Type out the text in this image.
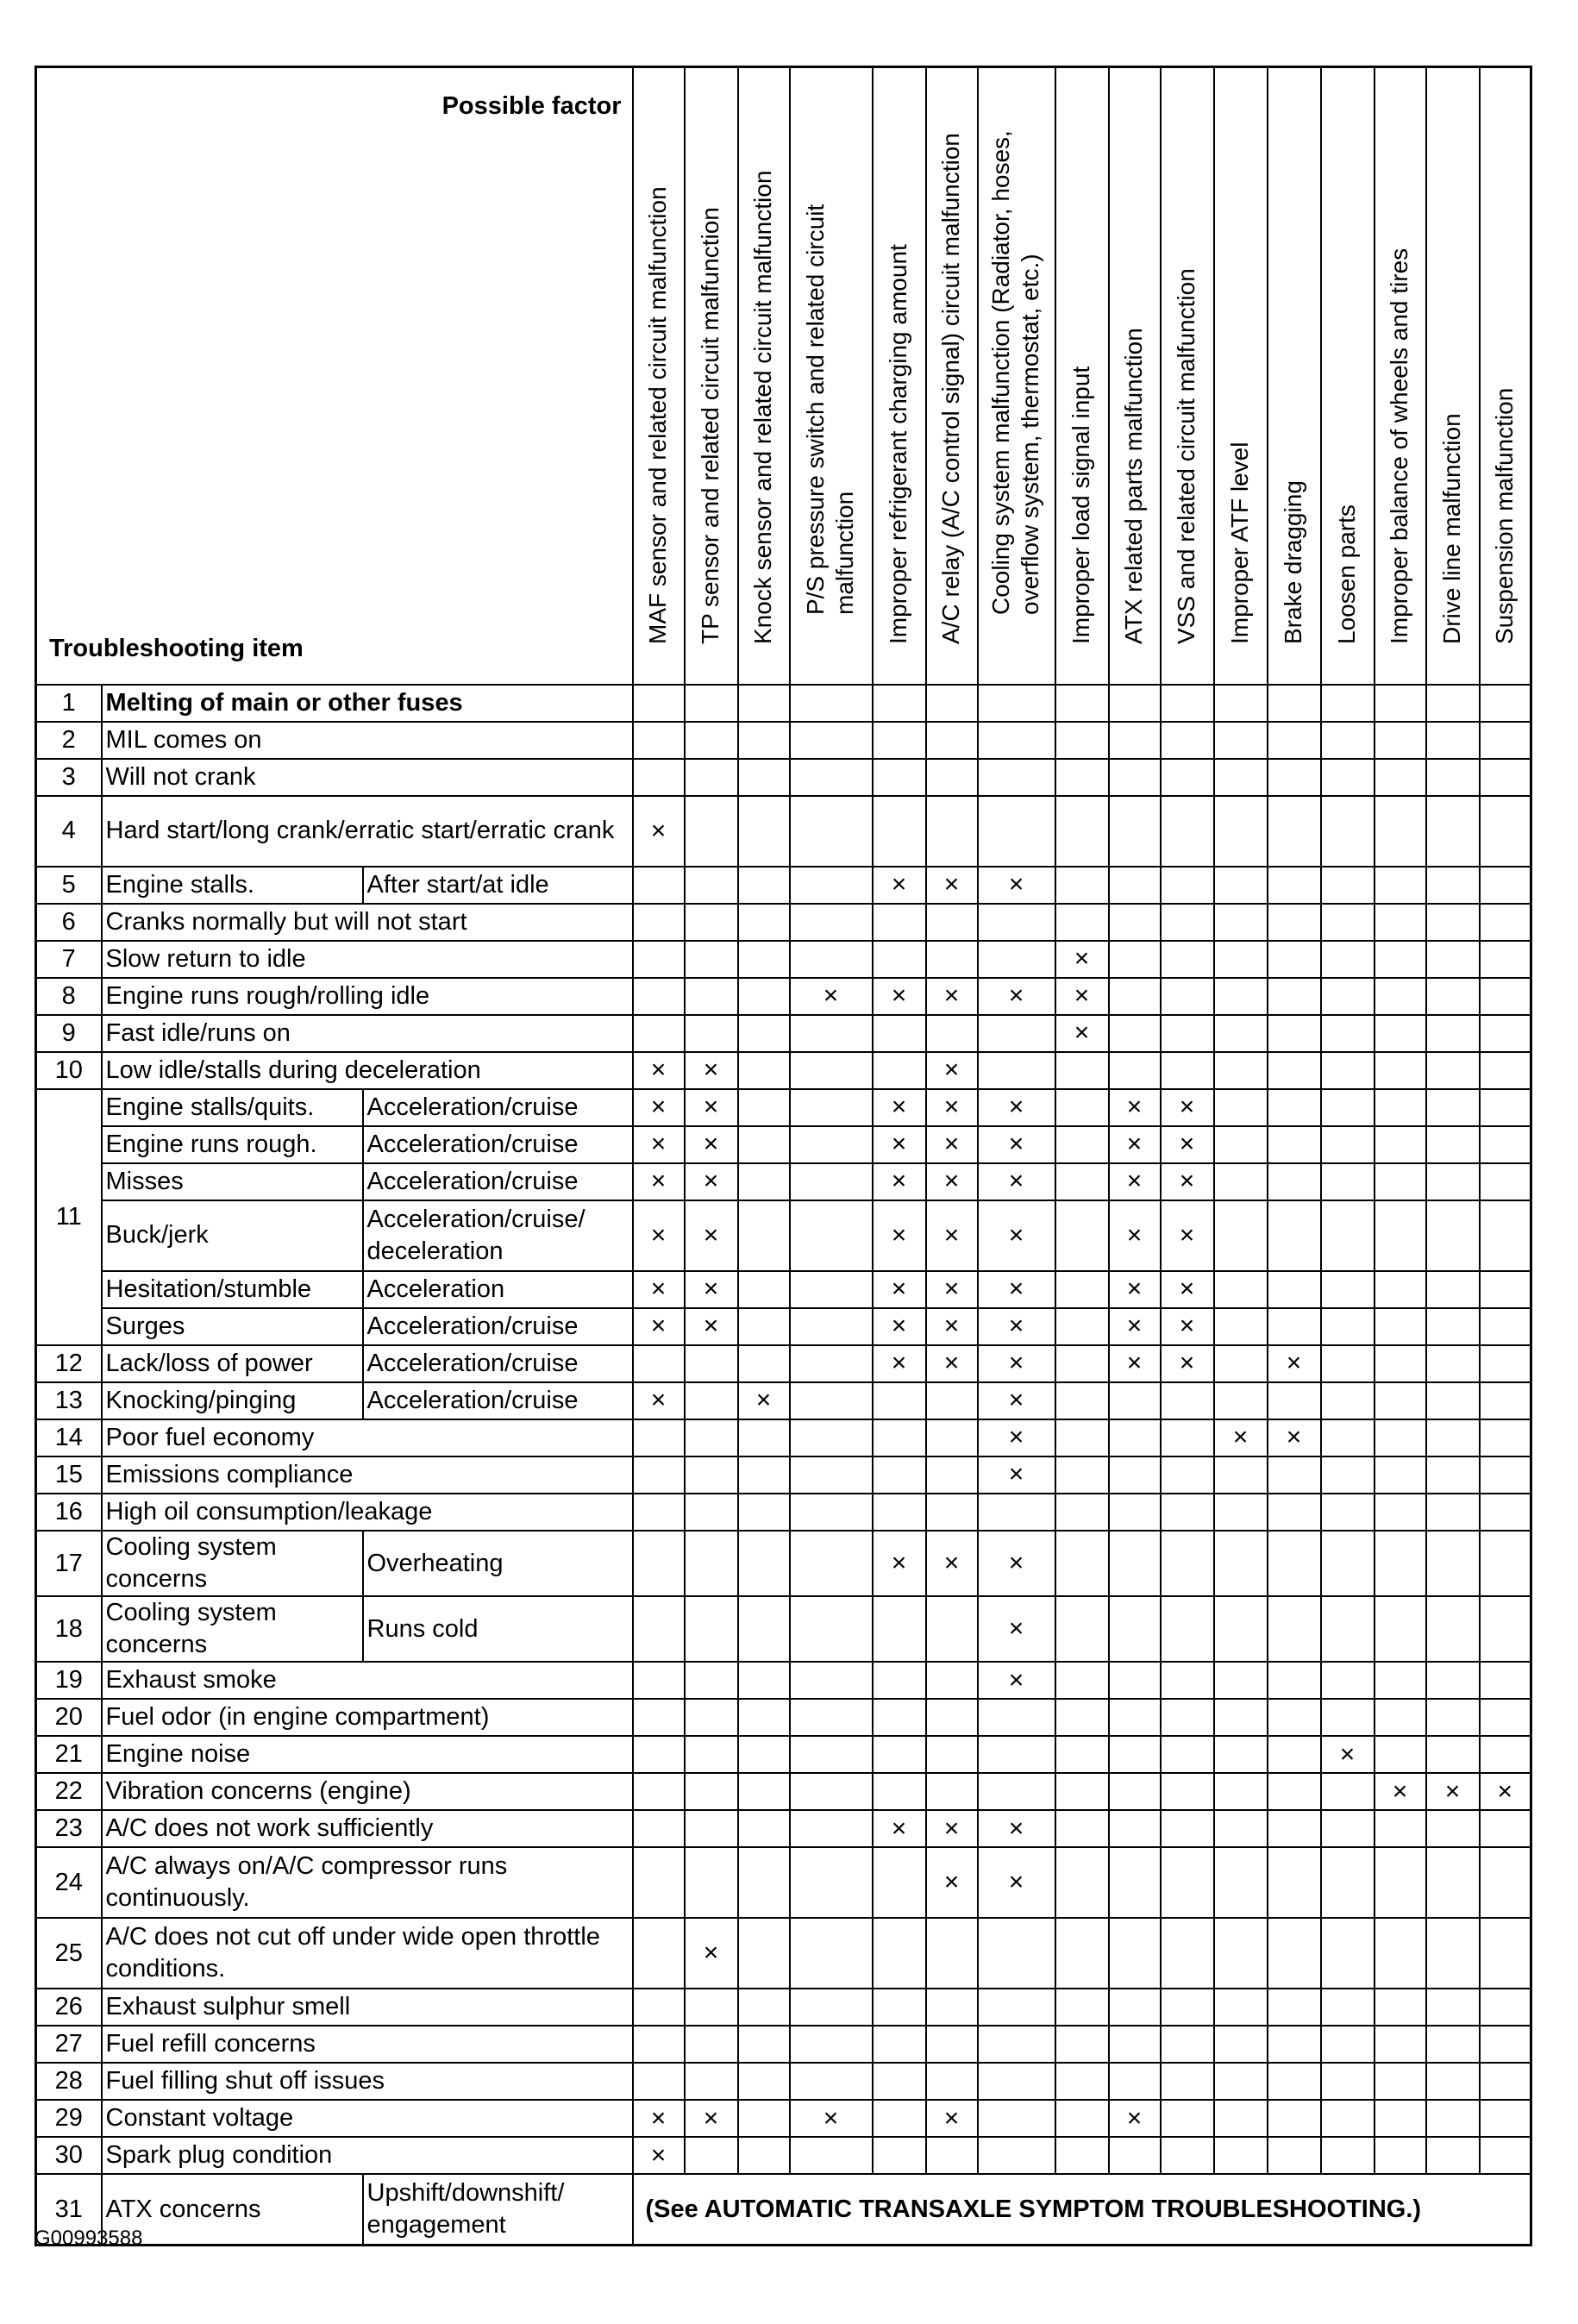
Possible factor
Troubleshooting item			MAF sensor and related circuit malfunction	TP sensor and related circuit malfunction	Knock sensor and related circuit malfunction	P/S pressure switch and related circuit malfunction	Improper refrigerant charging amount	A/C relay (A/C control signal) circuit malfunction	Cooling system malfunction (Radiator, hoses, overflow system, thermostat, etc.)	Improper load signal input	ATX related parts malfunction	VSS and related circuit malfunction	Improper ATF level	Brake dragging	Loosen parts	Improper balance of wheels and tires	Drive line malfunction	Suspension malfunction

1	Melting of main or other fuses																	
2	MIL comes on																	
3	Will not crank																	
4	Hard start/long crank/erratic start/erratic crank		×															
5	Engine stalls.	After start/at idle					×	×	×									
6	Cranks normally but will not start																	
7	Slow return to idle									×								
8	Engine runs rough/rolling idle					×	×	×	×	×								
9	Fast idle/runs on									×								
10	Low idle/stalls during deceleration		×	×				×										
11	Engine stalls/quits.	Acceleration/cruise	×	×			×	×	×		×	×						
	Engine runs rough.	Acceleration/cruise	×	×			×	×	×		×	×						
	Misses	Acceleration/cruise	×	×			×	×	×		×	×						
	Buck/jerk	Acceleration/cruise/ deceleration	×	×			×	×	×		×	×						
	Hesitation/stumble	Acceleration	×	×			×	×	×		×	×						
	Surges	Acceleration/cruise	×	×			×	×	×		×	×						
12	Lack/loss of power	Acceleration/cruise					×	×	×		×	×		×				
13	Knocking/pinging	Acceleration/cruise	×		×				×									
14	Poor fuel economy								×				×	×				
15	Emissions compliance								×									
16	High oil consumption/leakage																	
17	Cooling system concerns	Overheating					×	×	×									
18	Cooling system concerns	Runs cold							×									
19	Exhaust smoke								×									
20	Fuel odor (in engine compartment)																	
21	Engine noise														×			
22	Vibration concerns (engine)															×	×	×
23	A/C does not work sufficiently						×	×	×									
24	A/C always on/A/C compressor runs continuously.							×	×									
25	A/C does not cut off under wide open throttle conditions.			×														
26	Exhaust sulphur smell																	
27	Fuel refill concerns																	
28	Fuel filling shut off issues																	
29	Constant voltage		×	×		×		×			×							
30	Spark plug condition		×															
31	ATX concerns	Upshift/downshift/ engagement	(See AUTOMATIC TRANSAXLE SYMPTOM TROUBLESHOOTING.)															
G00993588
